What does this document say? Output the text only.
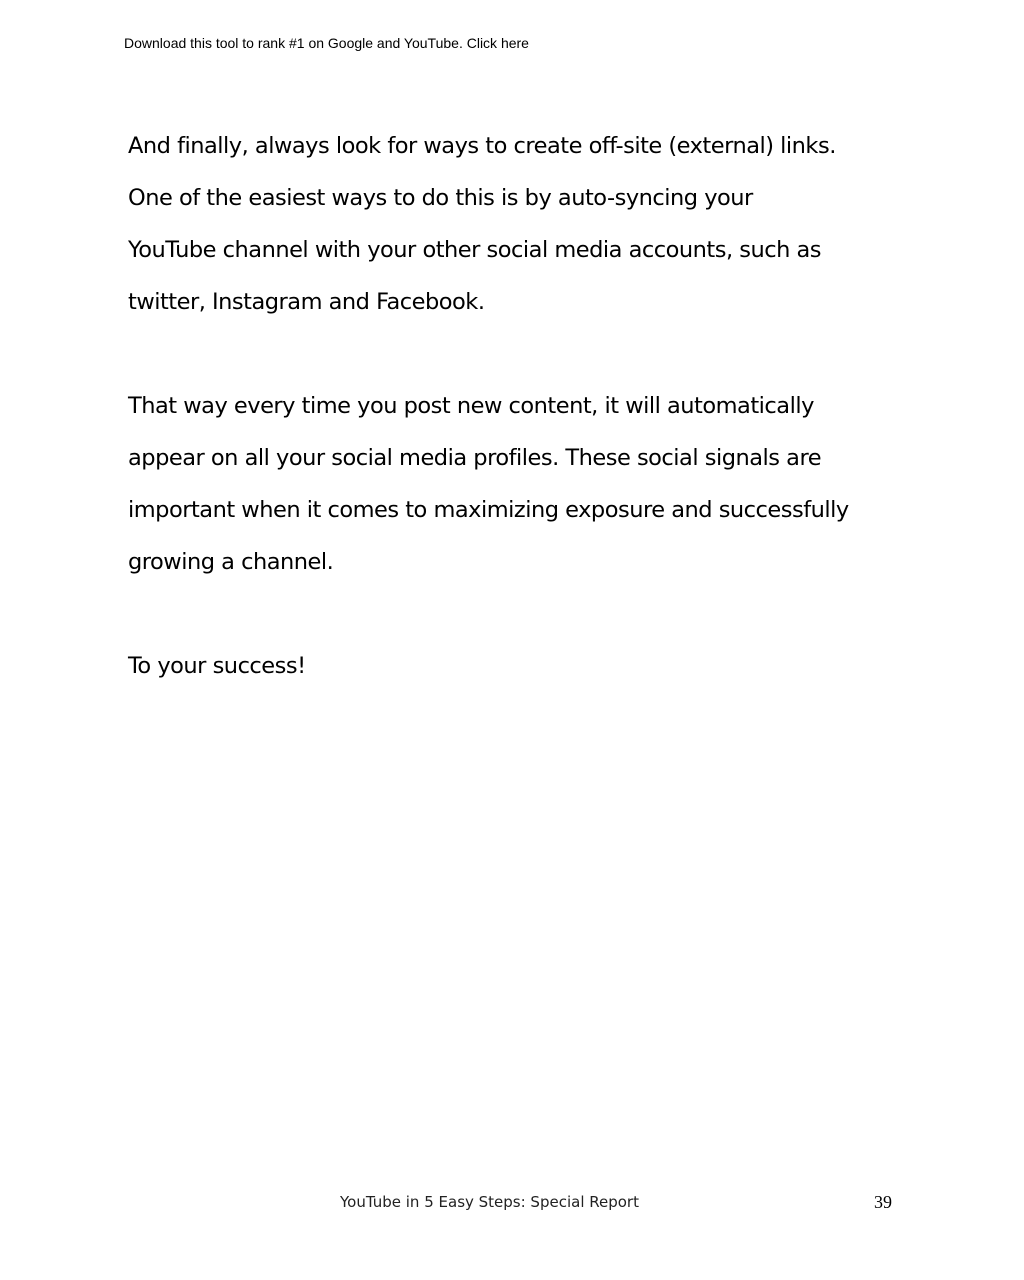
Download this tool to rank #1 on Google and YouTube. Click here

And finally, always look for ways to create off-site (external) links.

One of the easiest ways to do this is by auto-syncing your

YouTube channel with your other social media accounts, such as

twitter, Instagram and Facebook.

That way every time you post new content, it will automatically

appear on all your social media profiles. These social signals are

important when it comes to maximizing exposure and successfully

growing a channel.

To your success!

YouTube in 5 Easy Steps: Special Report	39
